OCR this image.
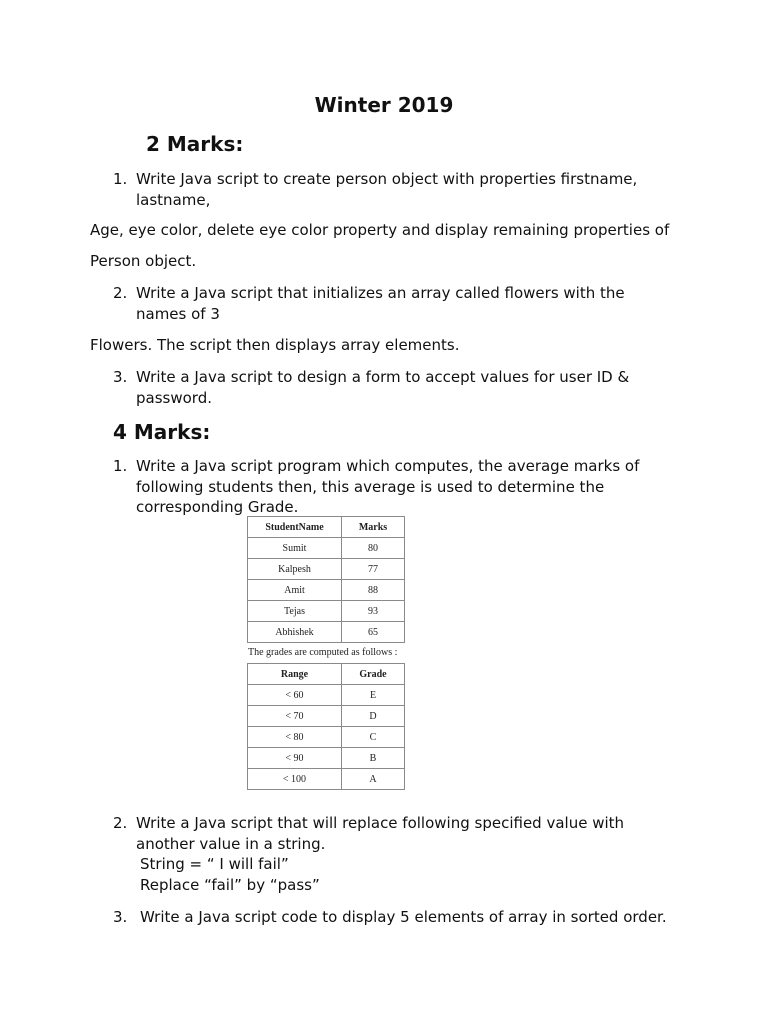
Winter 2019
2 Marks:
1. Write Java script to create person object with properties firstname,
lastname,
Age, eye color, delete eye color property and display remaining properties of
Person object.
2. Write a Java script that initializes an array called flowers with the
names of 3
Flowers. The script then displays array elements.
3. Write a Java script to design a form to accept values for user ID &
password.
4 Marks:
1. Write a Java script program which computes, the average marks of
following students then, this average is used to determine the
corresponding Grade.
StudentName	Marks
Sumit	80
Kalpesh	77
Amit	88
Tejas	93
Abhishek	65
The grades are computed as follows :
Range	Grade
< 60	E
< 70	D
< 80	C
< 90	B
< 100	A
2. Write a Java script that will replace following specified value with
another value in a string.
String = “ I will fail”
Replace “fail” by “pass”
3. Write a Java script code to display 5 elements of array in sorted order.
